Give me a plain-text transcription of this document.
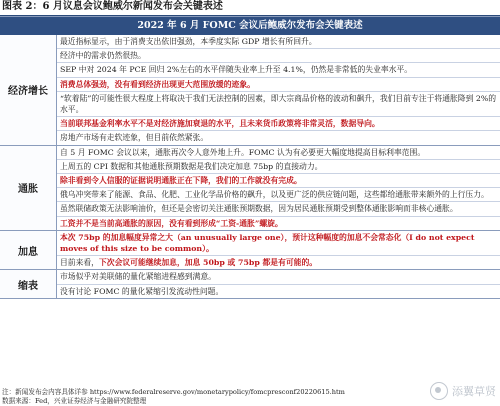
图表 2：6 月议息会议鲍威尔新闻发布会关键表述
2022 年 6 月 FOMC 会议后鲍威尔发布会关键表述
经济增长
最近指标显示，由于消费支出依旧强劲，本季度实际 GDP 增长有所回升。
经济中的需求仍然很热。
SEP 中对 2024 年 PCE 回归 2%左右的水平伴随失业率上升至 4.1%，仍然是非常低的失业率水平。
消费总体强劲，没有看到经济出现更大范围放缓的迹象。
“软着陆”的可能性很大程度上将取决于我们无法控制的因素，即大宗商品价格的波动和飙升，我们目前专注于将通胀降到 2%的水平。
当前联邦基金利率水平不是对经济施加衰退的水平，且未来货币政策将非常灵活，数据导向。
房地产市场有走软迹象，但目前依然紧张。
通胀
自 5 月 FOMC 会议以来，通胀再次令人意外地上升。FOMC 认为有必要更大幅度地提高目标利率范围。
上周五的 CPI 数据和其他通胀预期数据是我们决定加息 75bp 的直接动力。
除非看到令人信服的证据说明通胀正在下降，我们的工作就没有完成。
俄乌冲突带来了能源、食品、化肥、工业化学品价格的飙升，以及更广泛的供应链问题，这些都给通胀带来额外的上行压力。
虽然联储政策无法影响油价，但还是会密切关注通胀预期数据，因为居民通胀预期受到整体通胀影响而非核心通胀。
工资并不是当前高通胀的原因，没有看到形成“工资-通胀”螺旋。
加息
本次 75bp 的加息幅度异常之大（an unusually large one），预计这种幅度的加息不会常态化（I do not expect moves of this size to be common）。
目前来看，下次会议可能继续加息，加息 50bp 或 75bp 都是有可能的。
缩表
市场似乎对美联储的量化紧缩进程感到满意。
没有讨论 FOMC 的量化紧缩引发流动性问题。
注：新闻发布会内容具体详参 https://www.federalreserve.gov/monetarypolicy/fomcpresconf20220615.htm
数据来源：Fed，兴业证券经济与金融研究院整理
添翼草贤
